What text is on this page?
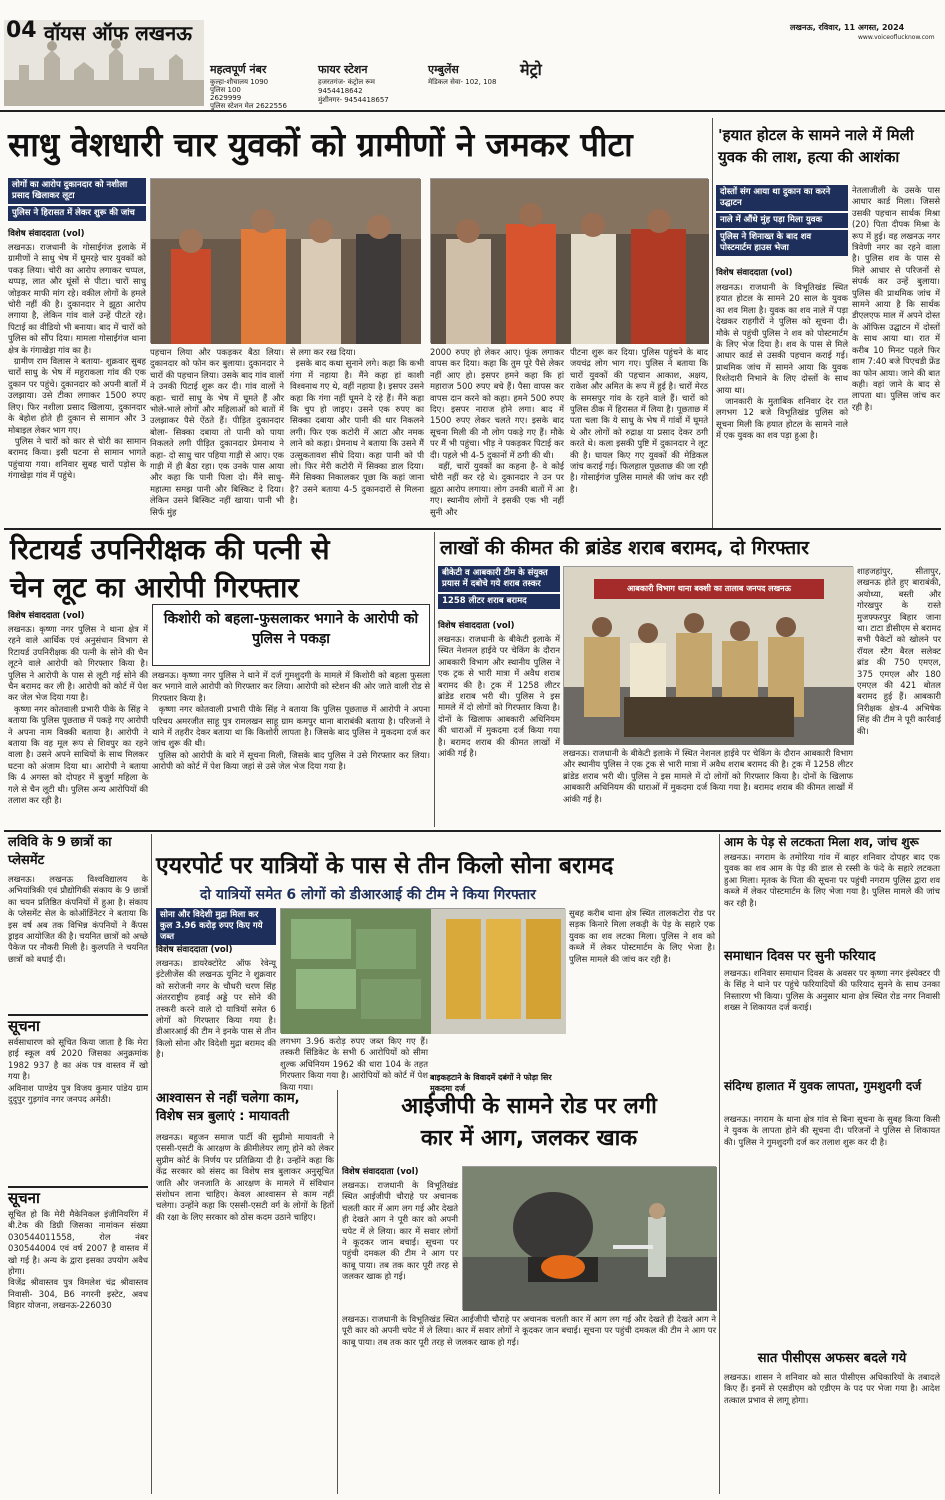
04 वॉयस ऑफ लखनऊ
महत्वपूर्ण नंबर
कुल्हा-शौचालय 1090
पुलिस 100
2629999
पुलिस स्टेशन मेल 2622556
फायर स्टेशन
हजरतगंज- कंट्रोल रूम
9454418642
मुंशीनगर- 9454418657
एम्बुलेंस
मेडिकल सेवा- 102, 108
मेट्रो
लखनऊ, रविवार, 11 अगस्त, 2024
www.voiceoflucknow.com
साधु वेशधारी चार युवकों को ग्रामीणों ने जमकर पीटा
लोगों का आरोप दुकानदार को नशीला प्रसाद खिलाकर लूटा
पुलिस ने हिरासत में लेकर शुरू की जांच
विशेष संवाददाता (vol)
लखनऊ। राजधानी के गोसाईगंज इलाके में ग्रामीणों ने साधु भेष में घूमरहे चार युवकों को पकड़ लिया। चोरी का आरोप लगाकर चप्पल, थप्पड़, लात और घूंसों से पीटा। चारों साधु जोड़कर माफी मांग रहे। वकील लोगों के हमले चोरी नहीं की है। दुकानदार ने झूठा आरोप लगाया है, लेकिन गांव वाले उन्हें पीटते रहे। पिटाई का वीडियो भी बनाया। बाद में चारों को पुलिस को सौंप दिया। मामला गोसाईगंज थाना क्षेत्र के गंगाखेड़ा गांव का है।
ग्रामीण राम विलास ने बताया- शुक्रवार सुबह चारों साधु के भेष में महुराकला गांव की एक दुकान पर पहुंचे। दुकानदार को अपनी बातों में उलझाया। उसे टीका लगाकर 1500 रुपए लिए। फिर नशीला प्रसाद खिलाया, दुकानदार के बेहोश होते ही दुकान से सामान और 3 मोबाइल लेकर भाग गए।
पुलिस ने चारों को कार से चोरी का सामान बरामद किया। इसी घटना से सामान भागते पहुंचाया गया। शनिवार सुबह चारों पड़ोस के गंगाखेड़ा गांव में पहुंचे।
पहचान लिया और पकड़कर बैठा लिया। दुकानदार को फोन कर बुलाया। दुकानदार ने चारों की पहचान लिया। उसके बाद गांव वालों ने उनकी पिटाई शुरू कर दी। गांव वालों ने कहा- चारों साधु के भेष में घूमते हैं और भोले-भाले लोगों और महिलाओं को बातों में उलझाकर पैसे ऐंठते हैं। पीड़ित दुकानदार बोला- सिक्का दबाया तो पानी को पाया निकलते लगी पीड़ित दुकानदार प्रेमनाथ ने कहा- दो साधु चार पहिया गाड़ी से आए। एक गाड़ी में ही बैठा रहा। एक उनके पास आया और कहा कि पानी पिला दो। मैंने साधु-महात्मा समझ पानी और बिस्किट दे दिया। लेकिन उसने बिस्किट नहीं खाया। पानी भी सिर्फ मुंह
से लगा कर रख दिया।
इसके बाद कथा सुनाने लगे। कहा कि कभी गंगा में नहाया है। मैंने कहा हां काशी विश्वनाथ गए थे, वहीं नहाया है। इसपर उसने कहा कि गंगा नहीं घूमने दे रहे हैं। मैंने कहा कि चुप हो जाइए। उसने एक रुपए का सिक्का दबाया और पानी की धार निकलने लगी। फिर एक कटोरी में आटा और नमक लाने को कहा। प्रेमनाथ ने बताया कि उसने मैं उत्सुकतावश सीधे दिया। कहा पानी को पी लो। फिर मेरी कटोरी में सिक्का डाल दिया। मैंने सिक्का निकालकर पूछा कि कहां जाना है? उसने बताया 4-5 दुकानदारों से मिलना है।
2000 रुपए हो लेकर आए। फूंक लगाकर वापस कर दिया। कहा कि तुम पूरे पैसे लेकर नहीं आए हो। इसपर हमने कहा कि हां महाराज 500 रुपए बचे हैं। पैसा वापस कर वापस दान करने को कहा। हमने 500 रुपए दिए। इसपर नाराज होने लगा। बाद में 1500 रुपए लेकर चलते गए। इसके बाद सूचना मिली की नौ लोग पकड़े गए हैं। मौके पर मैं भी पहुंचा। भीड़ ने पकड़कर पिटाई कर दी। पहले भी 4-5 दुकानों में ठगी की थी।
वहीं, चारों युवकों का कहना है- वे कोई चोरी नहीं कर रहे थे। दुकानदार ने उन पर झूठा आरोप लगाया। लोग उनकी बातों में आ गए। स्थानीय लोगों ने इसकी एक भी नहीं सुनी और
पीटना शुरू कर दिया। पुलिस पहुंचने के बाद जयचंद्र लोग भाग गए। पुलिस ने बताया कि चारों युवकों की पहचान आकाश, अक्षय, राकेश और अमित के रूप में हुई है। चारों मेरठ के समसपुर गांव के रहने वाले हैं। चारों को पुलिस ठीक में हिरासत में लिया है। पूछताछ में पता चला कि ये साधु के भेष में गांवों में घूमते थे और लोगों को रुद्राक्ष या प्रसाद देकर ठगी करते थे। कला इसकी पुष्टि में दुकानदार ने लूट की है। घायल किए गए युवकों की मेडिकल जांच कराई गई। फिलहाल पूछताछ की जा रही है। गोसाईगंज पुलिस मामले की जांच कर रही है।
'हयात होटल के सामने नाले में मिली युवक की लाश, हत्या की आशंका
दोस्तों संग आया था दुकान का करने उद्घाटन
नाले में औंधे मुंह पड़ा मिला युवक
पुलिस ने शिनाख्त के बाद शव पोस्टमार्टम हाउस भेजा
विशेष संवाददाता (vol)
लखनऊ। राजधानी के विभूतिखंड स्थित हयात होटल के सामने 20 साल के युवक का शव मिला है। युवक का शव नाले में पड़ा देखकर राहगीरों ने पुलिस को सूचना दी। मौके से पहुंची पुलिस ने शव को पोस्टमार्टम के लिए भेज दिया है। शव के पास से मिले आधार कार्ड से उसकी पहचान कराई गई। प्राथमिक जांच में सामने आया कि युवक रिश्तेदारी निभाने के लिए दोस्तों के साथ आया था।
जानकारी के मुताबिक शनिवार देर रात लगभग 12 बजे विभूतिखंड पुलिस को सूचना मिली कि हयात होटल के सामने नाले में एक युवक का शव पड़ा हुआ है।
नेतलाजीली के उसके पास आधार कार्ड मिला। जिससे उसकी पहचान सार्थक मिश्रा (20) पिता दीपक मिश्रा के रूप में हुई। वह लखनऊ नगर त्रिवेणी नगर का रहने वाला है। पुलिस शव के पास से मिले आधार से परिजनों से संपर्क कर उन्हें बुलाया। पुलिस की प्राथमिक जांच में सामने आया है कि सार्थक डीएलएफ माल में अपने दोस्त के ऑफिस उद्घाटन में दोस्तों के साथ आया था। रात में करीब 10 मिनट पहले फिर शाम 7:40 बजे पिएचडी फ्रेंड का फोन आया। जाने की बात कही। वहां जाने के बाद से लापता था। पुलिस जांच कर रही है।
रिटायर्ड उपनिरीक्षक की पत्नी से
चेन लूट का आरोपी गिरफ्तार
विशेष संवाददाता (vol)
लखनऊ। कृष्णा नगर पुलिस ने थाना क्षेत्र में रहने वाले आर्थिक एवं अनुसंधान विभाग से रिटायर्ड उपनिरीक्षक की पत्नी के सोने की चैन लूटने वाले आरोपी को गिरफ्तार किया है। पुलिस ने आरोपी के पास से लूटी गई सोने की चैन बरामद कर ली है। आरोपी को कोर्ट में पेश कर जेल भेज दिया गया है।
कृष्णा नगर कोतवाली प्रभारी पीके के सिंह ने बताया कि पुलिस पूछताछ में पकड़े गए आरोपी ने अपना नाम विक्की बताया है। आरोपी ने बताया कि वह मूल रूप से शिवपुर का रहने वाला है। उसने अपने साथियों के साथ मिलकर घटना को अंजाम दिया था। आरोपी ने बताया कि 4 अगस्त को दोपहर में बुजुर्ग महिला के गले से चैन लूटी थी। पुलिस अन्य आरोपियों की तलाश कर रही है।
किशोरी को बहला-फुसलाकर भगाने के आरोपी को पुलिस ने पकड़ा
लखनऊ। कृष्णा नगर पुलिस ने थाने में दर्ज गुमशुदगी के मामले में किशोरी को बहला फुसला कर भगाने वाले आरोपी को गिरफ्तार कर लिया। आरोपी को स्टेशन की ओर जाते वाली रोड से गिरफ्तार किया है।
कृष्णा नगर कोतवाली प्रभारी पीके सिंह ने बताया कि पुलिस पूछताछ में आरोपी ने अपना परिचय अमरजीत साहू पुत्र रामलखन साहू ग्राम कमपुर थाना बाराबंकी बताया है। परिजनों ने थाने में तहरीर देकर बताया था कि किशोरी लापता है। जिसके बाद पुलिस ने मुकदमा दर्ज कर जांच शुरू की थी।
पुलिस को आरोपी के बारे में सूचना मिली, जिसके बाद पुलिस ने उसे गिरफ्तार कर लिया। आरोपी को कोर्ट में पेश किया जहां से उसे जेल भेज दिया गया है।
लाखों की कीमत की ब्रांडेड शराब बरामद, दो गिरफ्तार
बीकेटी व आबकारी टीम के संयुक्त प्रयास में दबोचे गये शराब तस्कर
1258 लीटर शराब बरामद
विशेष संवाददाता (vol)
आबकारी विभाग थाना बक्शी का तालाब जनपद लखनऊ
लखनऊ। राजधानी के बीकेटी इलाके में स्थित नेशनल हाईवे पर चेकिंग के दौरान आबकारी विभाग और स्थानीय पुलिस ने एक ट्रक से भारी मात्रा में अवैध शराब बरामद की है। ट्रक में 1258 लीटर ब्रांडेड शराब भरी थी। पुलिस ने इस मामले में दो लोगों को गिरफ्तार किया है। दोनों के खिलाफ आबकारी अधिनियम की धाराओं में मुकदमा दर्ज किया गया है। बरामद शराब की कीमत लाखों में आंकी गई है।
शाहजहांपुर, सीतापुर, लखनऊ होते हुए बाराबंकी, अयोध्या, बस्ती और गोरखपुर के रास्ते मुजफ्फरपुर बिहार जाना था। टाटा डीसीएम से बरामद सभी पैकेटों को खोलने पर रॉयल स्टैग बैरल सलेक्ट ब्रांड की 750 एमएल, 375 एमएल और 180 एमएल की 421 बोतल बरामद हुई हैं। आबकारी निरीक्षक क्षेत्र-4 अभिषेक सिंह की टीम ने पूरी कार्रवाई की।
लखनऊ। राजधानी के बीकेटी इलाके में स्थित नेशनल हाईवे पर चेकिंग के दौरान आबकारी विभाग और स्थानीय पुलिस ने एक ट्रक से भारी मात्रा में अवैध शराब बरामद की है। ट्रक में 1258 लीटर ब्रांडेड शराब भरी थी। पुलिस ने इस मामले में दो लोगों को गिरफ्तार किया है। दोनों के खिलाफ आबकारी अधिनियम की धाराओं में मुकदमा दर्ज किया गया है। बरामद शराब की कीमत लाखों में आंकी गई है।
लविवि के 9 छात्रों का प्लेसमेंट
लखनऊ। लखनऊ विश्वविद्यालय के अभियांत्रिकी एवं प्रौद्योगिकी संकाय के 9 छात्रों का चयन प्रतिष्ठित कंपनियों में हुआ है। संकाय के प्लेसमेंट सेल के कोऑर्डिनेटर ने बताया कि इस वर्ष अब तक विभिन्न कंपनियों ने कैंपस ड्राइव आयोजित की है। चयनित छात्रों को अच्छे पैकेज पर नौकरी मिली है। कुलपति ने चयनित छात्रों को बधाई दी।
सूचना
सर्वसाधारण को सूचित किया जाता है कि मेरा हाई स्कूल वर्ष 2020 जिसका अनुक्रमांक 1982 937 है का अंक पत्र वास्तव में खो गया है।
अविनाश पाण्डेय पुत्र विजय कुमार पांडेय ग्राम दुदुपुर गुड़गांव नगर जनपद अमेठी।
सूचना
सूचित हो कि मेरी मैकेनिकल इंजीनियरिंग में बी.टेक की डिग्री जिसका नामांकन संख्या 030544011558, रोल नंबर 030544004 एवं वर्ष 2007 है वास्तव में खो गई है। अन्य के द्वारा इसका उपयोग अवैध होगा।
विजेंद्र श्रीवास्तव पुत्र विमलेश चंद्र श्रीवास्तव निवासी- 304, B6 नगरनी इस्टेट, अवध विहार योजना, लखनऊ-226030
एयरपोर्ट पर यात्रियों के पास से तीन किलो सोना बरामद
दो यात्रियों समेत 6 लोगों को डीआरआई की टीम ने किया गिरफ्तार
सोना और विदेशी मुद्रा मिला कर कुल 3.96 करोड़ रुपए किए गये जब्त
विशेष संवाददाता (vol)
लखनऊ। डायरेक्टोरेट ऑफ रेवेन्यू इंटेलीजेंस की लखनऊ यूनिट ने शुक्रवार को सरोजनी नगर के चौधरी चरण सिंह अंतरराष्ट्रीय हवाई अड्डे पर सोने की तस्करी करने वाले दो यात्रियों समेत 6 लोगों को गिरफ्तार किया गया है। डीआरआई की टीम ने इनके पास से तीन किलो सोना और विदेशी मुद्रा बरामद की है।
लगभग 3.96 करोड़ रुपए जब्त किए गए हैं। तस्करी सिंडिकेट के सभी 6 आरोपियों को सीमा शुल्क अधिनियम 1962 की धारा 104 के तहत गिरफ्तार किया गया है। आरोपियों को कोर्ट में पेश किया गया।
बाइकहटाने के विवादमें दबंगों ने फोड़ा सिर मुकदमा दर्ज
सुबह करीब थाना क्षेत्र स्थित तालकटोरा रोड पर सड़क किनारे मिला लकड़ी के पेड़ के सहारे एक युवक का शव लटका मिला। पुलिस ने शव को कब्जे में लेकर पोस्टमार्टम के लिए भेजा है। पुलिस मामले की जांच कर रही है।
आश्वासन से नहीं चलेगा काम,
विशेष सत्र बुलाएं : मायावती
लखनऊ। बहुजन समाज पार्टी की सुप्रीमो मायावती ने एससी-एसटी के आरक्षण के क्रीमीलेयर लागू होने को लेकर सुप्रीम कोर्ट के निर्णय पर प्रतिक्रिया दी है। उन्होंने कहा कि केंद्र सरकार को संसद का विशेष सत्र बुलाकर अनुसूचित जाति और जनजाति के आरक्षण के मामले में संविधान संशोधन लाना चाहिए। केवल आश्वासन से काम नहीं चलेगा। उन्होंने कहा कि एससी-एसटी वर्ग के लोगों के हितों की रक्षा के लिए सरकार को ठोस कदम उठाने चाहिए।
आईजीपी के सामने रोड पर लगी
कार में आग, जलकर खाक
विशेष संवाददाता (vol)
लखनऊ। राजधानी के विभूतिखंड स्थित आईजीपी चौराहे पर अचानक चलती कार में आग लग गई और देखते ही देखते आग ने पूरी कार को अपनी चपेट में ले लिया। कार में सवार लोगों ने कूदकर जान बचाई। सूचना पर पहुंची दमकल की टीम ने आग पर काबू पाया। तब तक कार पूरी तरह से जलकर खाक हो गई।
लखनऊ। राजधानी के विभूतिखंड स्थित आईजीपी चौराहे पर अचानक चलती कार में आग लग गई और देखते ही देखते आग ने पूरी कार को अपनी चपेट में ले लिया। कार में सवार लोगों ने कूदकर जान बचाई। सूचना पर पहुंची दमकल की टीम ने आग पर काबू पाया। तब तक कार पूरी तरह से जलकर खाक हो गई।
आम के पेड़ से लटकता मिला शव, जांच शुरू
लखनऊ। नगराम के तमोरिया गांव में बाहर शनिवार दोपहर बाद एक युवक का शव आम के पेड़ की डाल से रस्सी के फंदे के सहारे लटकता हुआ मिला। मृतक के पिता की सूचना पर पहुंची नगराम पुलिस द्वारा शव कब्जे में लेकर पोस्टमार्टम के लिए भेजा गया है। पुलिस मामले की जांच कर रही है।
समाधान दिवस पर सुनी फरियाद
लखनऊ। शनिवार समाधान दिवस के अवसर पर कृष्णा नगर इंस्पेक्टर पी के सिंह ने थाने पर पहुंचे फरियादियों की फरियाद सुनने के साथ उनका निस्तारण भी किया। पुलिस के अनुसार थाना क्षेत्र स्थित रोड नगर निवासी शख्स ने शिकायत दर्ज कराई।
संदिग्ध हालात में युवक लापता, गुमशुदगी दर्ज
लखनऊ। नगराम के थाना क्षेत्र गांव से बिना सूचना के सुबह किया किसी ने युवक के लापता होने की सूचना दी। परिजनों ने पुलिस से शिकायत की। पुलिस ने गुमशुदगी दर्ज कर तलाश शुरू कर दी है।
सात पीसीएस अफसर बदले गये
लखनऊ। शासन ने शनिवार को सात पीसीएस अधिकारियों के तबादले किए हैं। इनमें से एसडीएम को एडीएम के पद पर भेजा गया है। आदेश तत्काल प्रभाव से लागू होगा।
